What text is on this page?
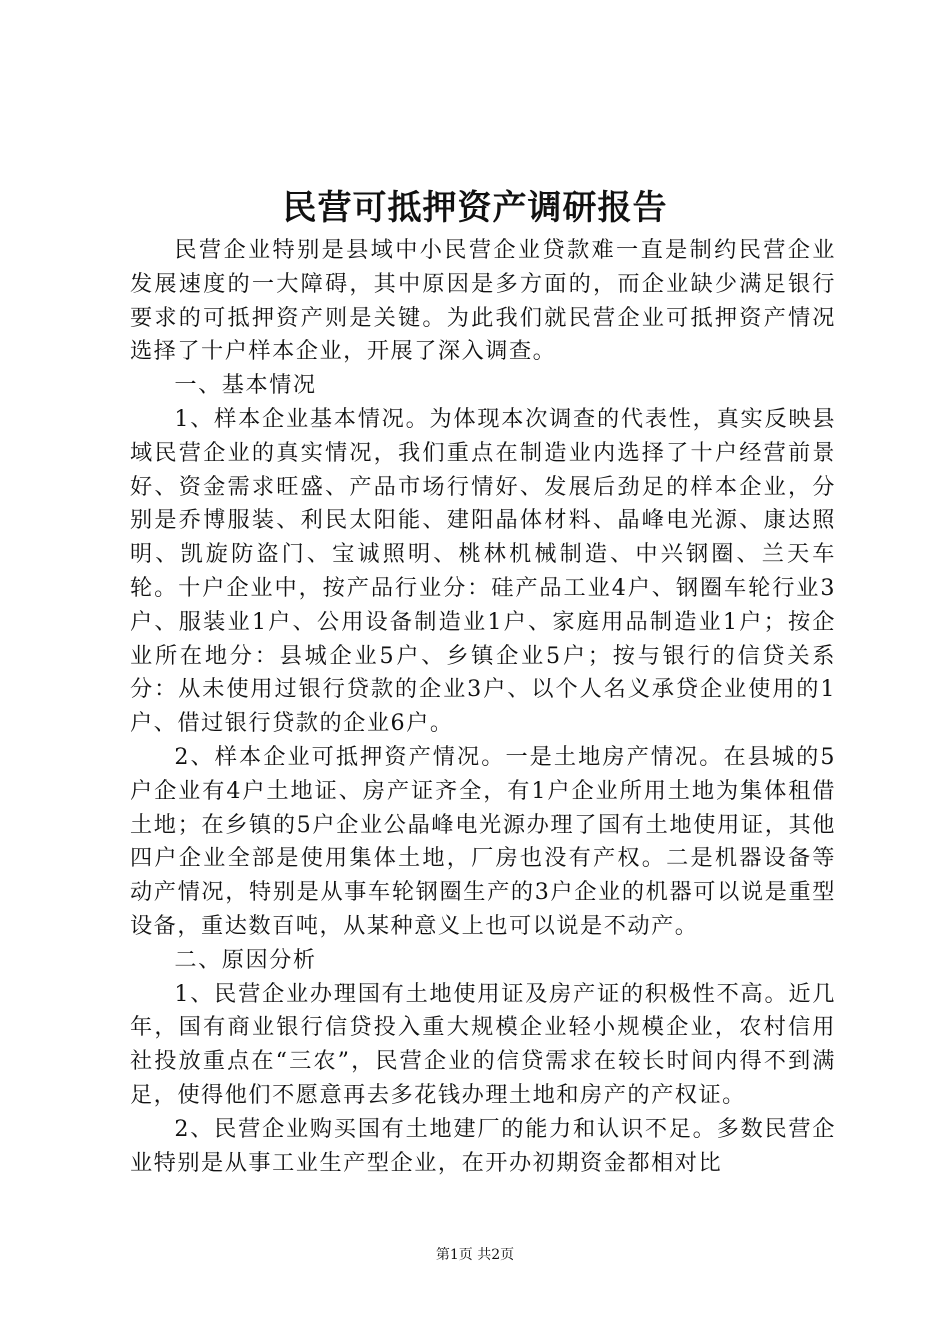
民营可抵押资产调研报告

民营企业特别是县域中小民营企业贷款难一直是制约民营企业发展速度的一大障碍，其中原因是多方面的，而企业缺少满足银行要求的可抵押资产则是关键。为此我们就民营企业可抵押资产情况选择了十户样本企业，开展了深入调查。

一、基本情况

1、样本企业基本情况。为体现本次调查的代表性，真实反映县域民营企业的真实情况，我们重点在制造业内选择了十户经营前景好、资金需求旺盛、产品市场行情好、发展后劲足的样本企业，分别是乔博服装、利民太阳能、建阳晶体材料、晶峰电光源、康达照明、凯旋防盗门、宝诚照明、桃林机械制造、中兴钢圈、兰天车轮。十户企业中，按产品行业分：硅产品工业4户、钢圈车轮行业3户、服装业1户、公用设备制造业1户、家庭用品制造业1户；按企业所在地分：县城企业5户、乡镇企业5户；按与银行的信贷关系分：从未使用过银行贷款的企业3户、以个人名义承贷企业使用的1户、借过银行贷款的企业6户。

2、样本企业可抵押资产情况。一是土地房产情况。在县城的5户企业有4户土地证、房产证齐全，有1户企业所用土地为集体租借土地；在乡镇的5户企业公晶峰电光源办理了国有土地使用证，其他四户企业全部是使用集体土地，厂房也没有产权。二是机器设备等动产情况，特别是从事车轮钢圈生产的3户企业的机器可以说是重型设备，重达数百吨，从某种意义上也可以说是不动产。

二、原因分析

1、民营企业办理国有土地使用证及房产证的积极性不高。近几年，国有商业银行信贷投入重大规模企业轻小规模企业，农村信用社投放重点在“三农”，民营企业的信贷需求在较长时间内得不到满足，使得他们不愿意再去多花钱办理土地和房产的产权证。

2、民营企业购买国有土地建厂的能力和认识不足。多数民营企业特别是从事工业生产型企业，在开办初期资金都相对比

第1页 共2页
